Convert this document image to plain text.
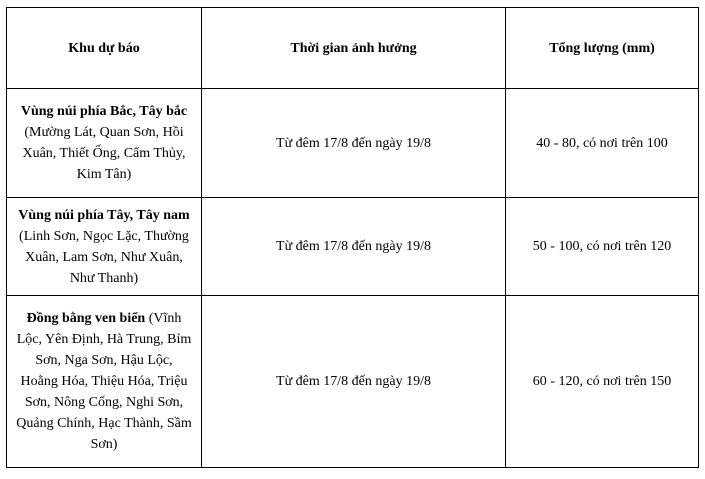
Khu dự báo	Thời gian ảnh hưởng	Tổng lượng (mm)
Vùng núi phía Bắc, Tây bắc (Mường Lát, Quan Sơn, Hồi Xuân, Thiết Ống, Cẩm Thủy, Kim Tân)	Từ đêm 17/8 đến ngày 19/8	40 - 80, có nơi trên 100
Vùng núi phía Tây, Tây nam (Linh Sơn, Ngọc Lặc, Thường Xuân, Lam Sơn, Như Xuân, Như Thanh)	Từ đêm 17/8 đến ngày 19/8	50 - 100, có nơi trên 120
Đồng bằng ven biển (Vĩnh Lộc, Yên Định, Hà Trung, Bỉm Sơn, Nga Sơn, Hậu Lộc, Hoằng Hóa, Thiệu Hóa, Triệu Sơn, Nông Cống, Nghi Sơn, Quảng Chính, Hạc Thành, Sầm Sơn)	Từ đêm 17/8 đến ngày 19/8	60 - 120, có nơi trên 150
